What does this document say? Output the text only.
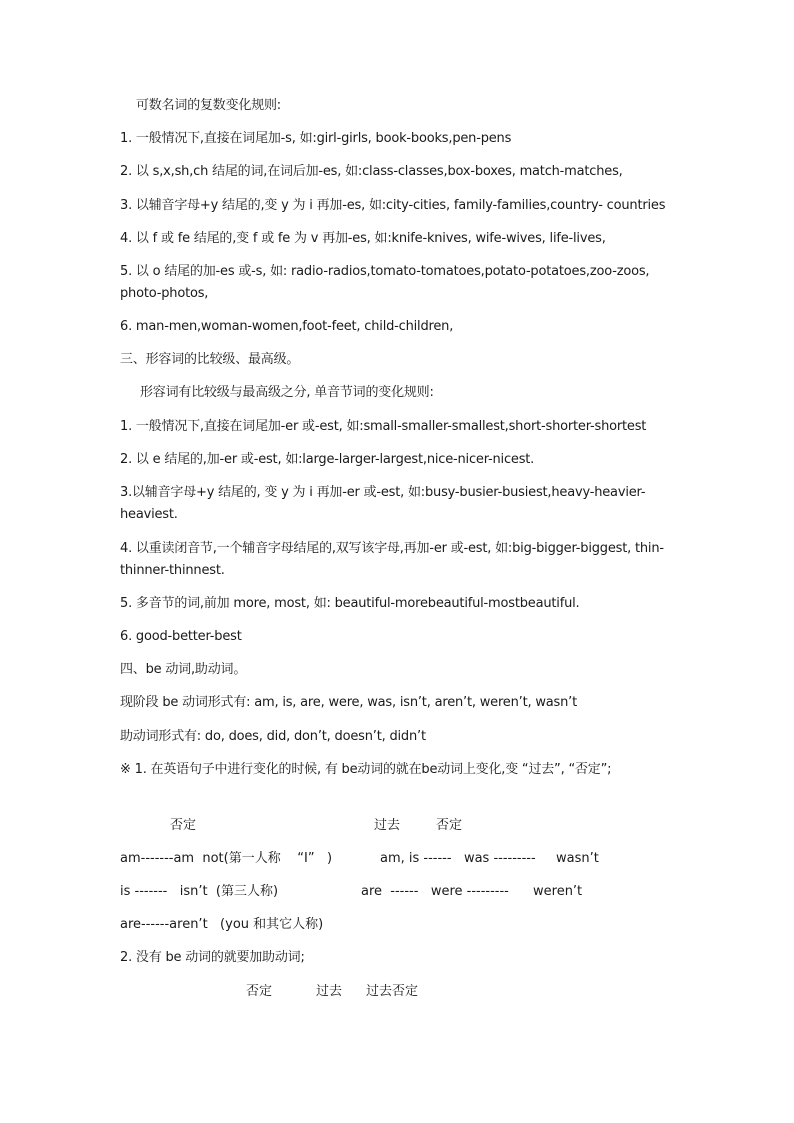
可数名词的复数变化规则:
1. 一般情况下,直接在词尾加-s, 如:girl-girls, book-books,pen-pens
2. 以 s,x,sh,ch 结尾的词,在词后加-es, 如:class-classes,box-boxes, match-matches,
3. 以辅音字母+y 结尾的,变 y 为 i 再加-es, 如:city-cities, family-families,country- countries
4. 以 f 或 fe 结尾的,变 f 或 fe 为 v 再加-es, 如:knife-knives, wife-wives, life-lives,
5. 以 o 结尾的加-es 或-s, 如: radio-radios,tomato-tomatoes,potato-potatoes,zoo-zoos, photo-photos,
6. man-men,woman-women,foot-feet, child-children,
三、形容词的比较级、最高级。
形容词有比较级与最高级之分, 单音节词的变化规则:
1. 一般情况下,直接在词尾加-er 或-est, 如:small-smaller-smallest,short-shorter-shortest
2. 以 e 结尾的,加-er 或-est, 如:large-larger-largest,nice-nicer-nicest.
3.以辅音字母+y 结尾的, 变 y 为 i 再加-er 或-est, 如:busy-busier-busiest,heavy-heavier-heaviest.
4. 以重读闭音节,一个辅音字母结尾的,双写该字母,再加-er 或-est, 如:big-bigger-biggest, thin-thinner-thinnest.
5. 多音节的词,前加 more, most, 如: beautiful-morebeautiful-mostbeautiful.
6. good-better-best
四、be 动词,助动词。
现阶段 be 动词形式有: am, is, are, were, was, isn’t, aren’t, weren’t, wasn’t
助动词形式有: do, does, did, don’t, doesn’t, didn’t
※ 1. 在英语句子中进行变化的时候, 有 be动词的就在be动词上变化,变 “过去”, “否定”;
否定	过去	否定
am-------am  not(第一人称    “I”   )	am, is ------   was --------- wasn’t
is -------   isn’t  (第三人称)	are  ------   were --------- weren’t
are------aren’t   (you 和其它人称)
2. 没有 be 动词的就要加助动词;
否定	过去 过去否定
